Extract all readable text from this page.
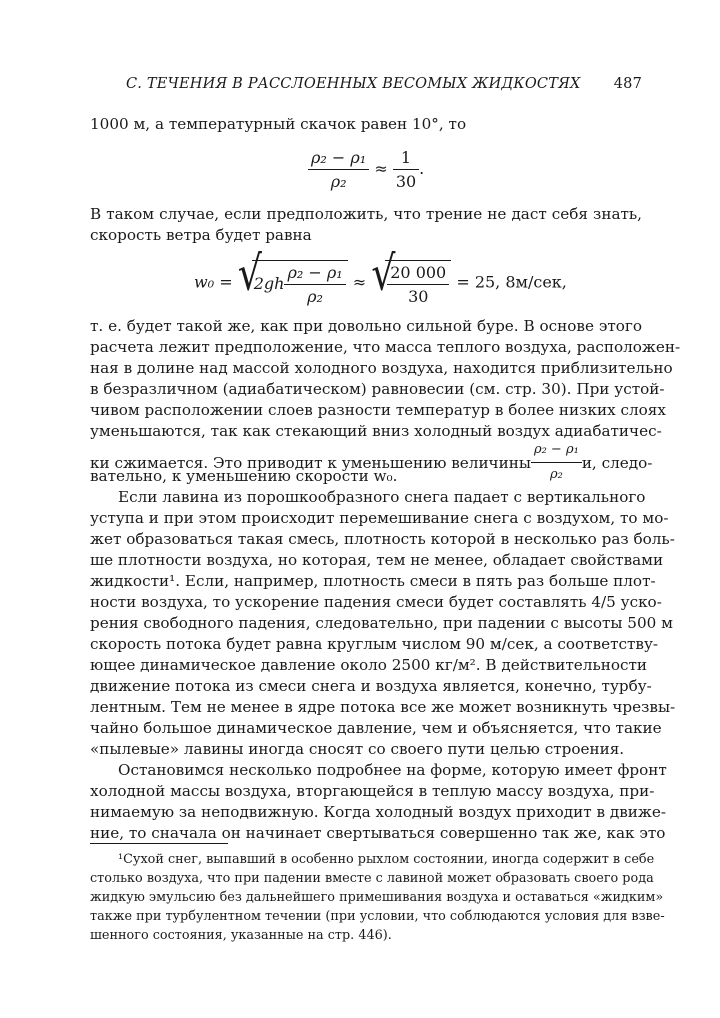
С. ТЕЧЕНИЯ В РАССЛОЕННЫХ ВЕСОМЫХ ЖИДКОСТЯХ 487
1000 м, а температурный скачок равен 10°, то
$\frac{\text{ρ₂ − ρ₁}}{\text{ρ₂}} \approx \frac{1}{30}$ .
В таком случае, если предположить, что трение не даст себя знать,
скорость ветра будет равна
w₀ = √
$2gh \frac{\text{ρ₂ − ρ₁}}{\text{ρ₂}}$ ≈ √
$\frac{20 000}{30} = 25$, 8м/сек,
т. е. будет такой же, как при довольно сильной буре. В основе этого
расчета лежит предположение, что масса теплого воздуха, расположен-
ная в долине над массой холодного воздуха, находится приблизительно
в безразличном (адиабатическом) равновесии (см. стр. 30). При устой-
чивом расположении слоев разности температур в более низких слоях
уменьшаются, так как стекающий вниз холодный воздух адиабатичес-
ки сжимается. Это приводит к уменьшению величины $\frac{\text{ρ₂ − ρ₁}}{\text{ρ₂}} и$, следо-
вательно, к уменьшению скорости w₀.
Если лавина из порошкообразного снега падает с вертикального
уступа и при этом происходит перемешивание снега с воздухом, то мо-
жет образоваться такая смесь, плотность которой в несколько раз боль-
ше плотности воздуха, но которая, тем не менее, обладает свойствами
жидкости¹. Если, например, плотность смеси в пять раз больше плот-
ности воздуха, то ускорение падения смеси будет составлять 4/5 уско-
рения свободного падения, следовательно, при падении с высоты 500 м
скорость потока будет равна круглым числом 90 м/сек, а соответству-
ющее динамическое давление около 2500 кг/м². В действительности
движение потока из смеси снега и воздуха является, конечно, турбу-
лентным. Тем не менее в ядре потока все же может возникнуть чрезвы-
чайно большое динамическое давление, чем и объясняется, что такие
«пылевые» лавины иногда сносят со своего пути целью строения.
Остановимся несколько подробнее на форме, которую имеет фронт
холодной массы воздуха, вторгающейся в теплую массу воздуха, при-
нимаемую за неподвижную. Когда холодный воздух приходит в движе-
ние, то сначала он начинает свертываться совершенно так же, как это
¹Сухой снег, выпавший в особенно рыхлом состоянии, иногда содержит в себе
столько воздуха, что при падении вместе с лавиной может образовать своего рода
жидкую эмульсию без дальнейшего примешивания воздуха и оставаться «жидким»
также при турбулентном течении (при условии, что соблюдаются условия для взве-
шенного состояния, указанные на стр. 446).
